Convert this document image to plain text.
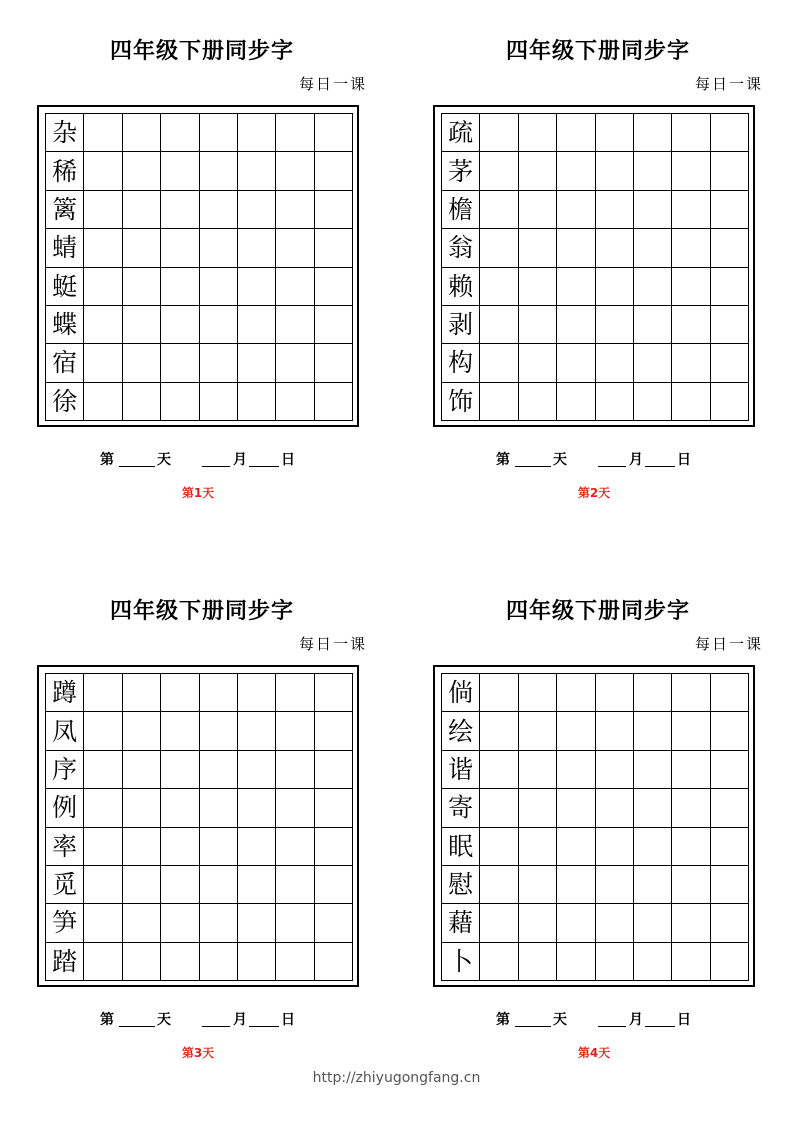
四年级下册同步字
每日一课
杂
稀
篱
蜻
蜓
蝶
宿
徐
第	天	月 日
第1天
四年级下册同步字
每日一课
疏
茅
檐
翁
赖
剥
构
饰
第	天	月 日
第2天
四年级下册同步字
每日一课
蹲
凤
序
例
率
觅
笋
踏
第	天	月 日
第3天
四年级下册同步字
每日一课
倘
绘
谐
寄
眠
慰
藉
卜
第	天	月 日
第4天
http://zhiyugongfang.cn
